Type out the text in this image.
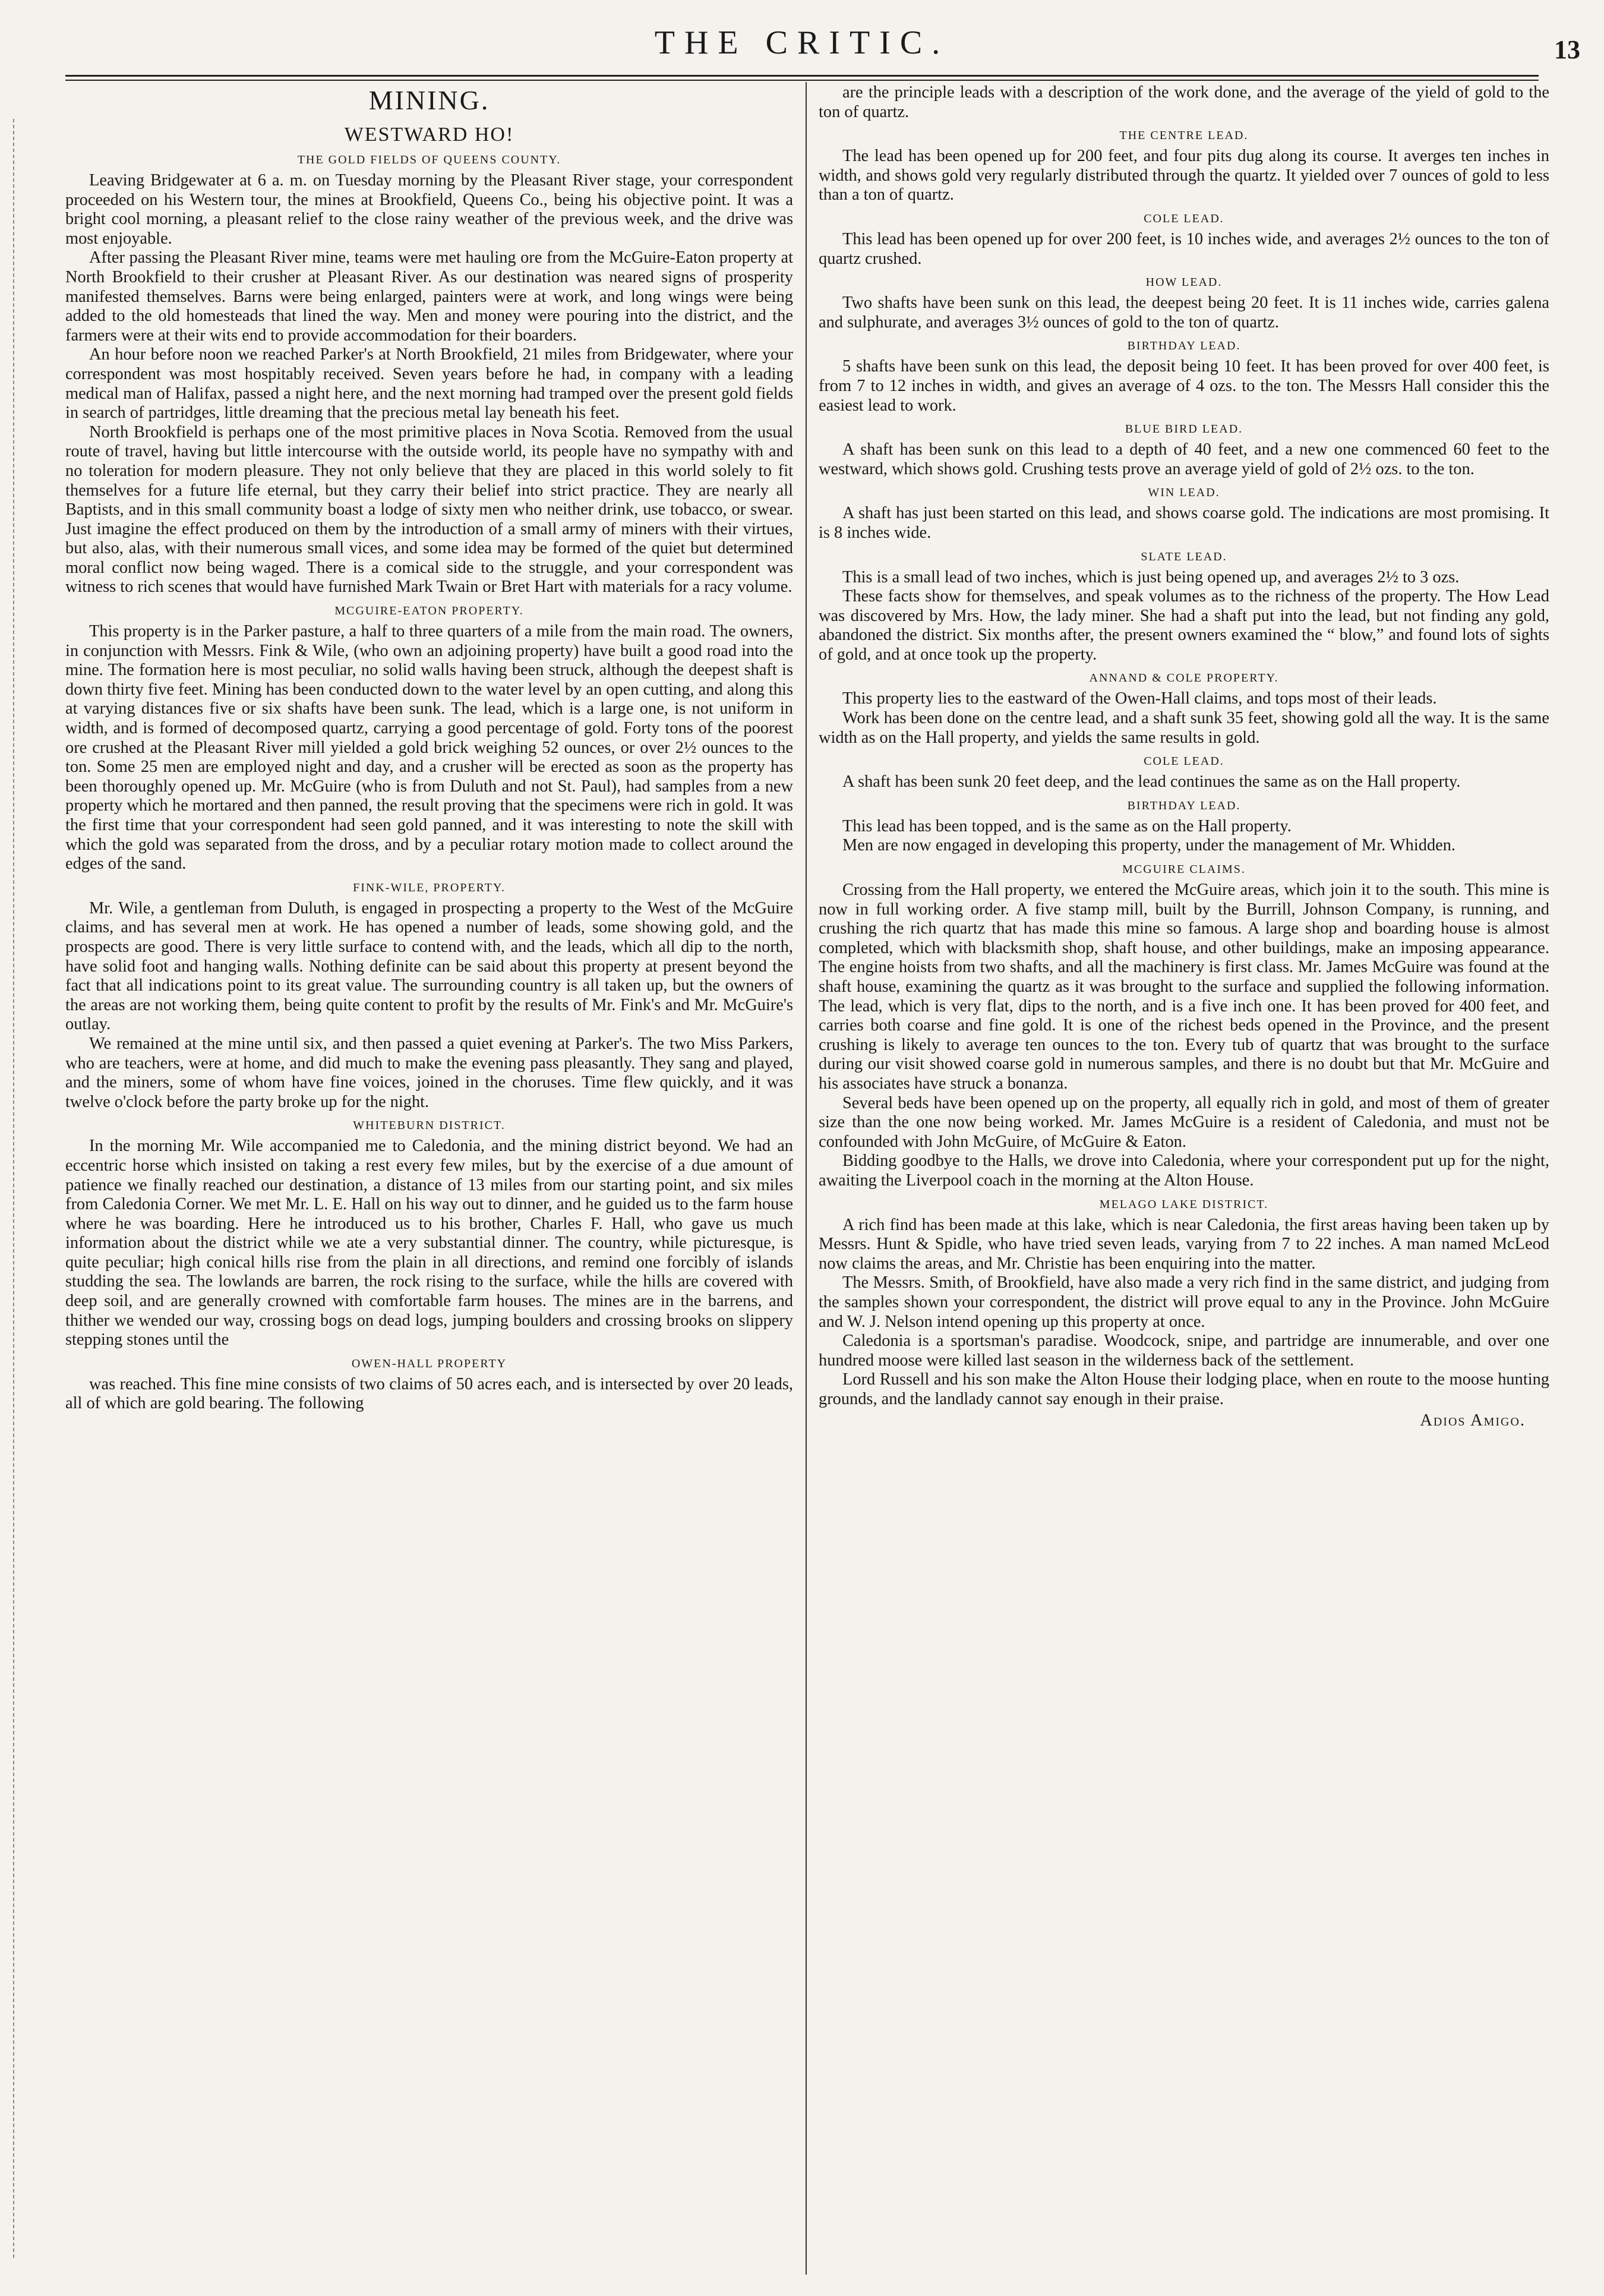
THE CRITIC.	13
MINING.
WESTWARD HO!
THE GOLD FIELDS OF QUEENS COUNTY.

Leaving Bridgewater at 6 a. m. on Tuesday morning by the Pleasant River stage, your correspondent proceeded on his Western tour, the mines at Brookfield, Queens Co., being his objective point. It was a bright cool morning, a pleasant relief to the close rainy weather of the previous week, and the drive was most enjoyable.

After passing the Pleasant River mine, teams were met hauling ore from the McGuire-Eaton property at North Brookfield to their crusher at Pleasant River. As our destination was neared signs of prosperity manifested themselves. Barns were being enlarged, painters were at work, and long wings were being added to the old homesteads that lined the way. Men and money were pouring into the district, and the farmers were at their wits end to provide accommodation for their boarders.

An hour before noon we reached Parker's at North Brookfield, 21 miles from Bridgewater, where your correspondent was most hospitably received. Seven years before he had, in company with a leading medical man of Halifax, passed a night here, and the next morning had tramped over the present gold fields in search of partridges, little dreaming that the precious metal lay beneath his feet.

North Brookfield is perhaps one of the most primitive places in Nova Scotia. Removed from the usual route of travel, having but little intercourse with the outside world, its people have no sympathy with and no toleration for modern pleasure. They not only believe that they are placed in this world solely to fit themselves for a future life eternal, but they carry their belief into strict practice. They are nearly all Baptists, and in this small community boast a lodge of sixty men who neither drink, use tobacco, or swear. Just imagine the effect produced on them by the introduction of a small army of miners with their virtues, but also, alas, with their numerous small vices, and some idea may be formed of the quiet but determined moral conflict now being waged. There is a comical side to the struggle, and your correspondent was witness to rich scenes that would have furnished Mark Twain or Bret Hart with materials for a racy volume.

MCGUIRE-EATON PROPERTY.

This property is in the Parker pasture, a half to three quarters of a mile from the main road. The owners, in conjunction with Messrs. Fink & Wile, (who own an adjoining property) have built a good road into the mine. The formation here is most peculiar, no solid walls having been struck, although the deepest shaft is down thirty five feet. Mining has been conducted down to the water level by an open cutting, and along this at varying distances five or six shafts have been sunk. The lead, which is a large one, is not uniform in width, and is formed of decomposed quartz, carrying a good percentage of gold. Forty tons of the poorest ore crushed at the Pleasant River mill yielded a gold brick weighing 52 ounces, or over 2½ ounces to the ton. Some 25 men are employed night and day, and a crusher will be erected as soon as the property has been thoroughly opened up. Mr. McGuire (who is from Duluth and not St. Paul), had samples from a new property which he mortared and then panned, the result proving that the specimens were rich in gold. It was the first time that your correspondent had seen gold panned, and it was interesting to note the skill with which the gold was separated from the dross, and by a peculiar rotary motion made to collect around the edges of the sand.

FINK-WILE, PROPERTY.

Mr. Wile, a gentleman from Duluth, is engaged in prospecting a property to the West of the McGuire claims, and has several men at work. He has opened a number of leads, some showing gold, and the prospects are good. There is very little surface to contend with, and the leads, which all dip to the north, have solid foot and hanging walls. Nothing definite can be said about this property at present beyond the fact that all indications point to its great value. The surrounding country is all taken up, but the owners of the areas are not working them, being quite content to profit by the results of Mr. Fink's and Mr. McGuire's outlay.

We remained at the mine until six, and then passed a quiet evening at Parker's. The two Miss Parkers, who are teachers, were at home, and did much to make the evening pass pleasantly. They sang and played, and the miners, some of whom have fine voices, joined in the choruses. Time flew quickly, and it was twelve o'clock before the party broke up for the night.

WHITEBURN DISTRICT.

In the morning Mr. Wile accompanied me to Caledonia, and the mining district beyond. We had an eccentric horse which insisted on taking a rest every few miles, but by the exercise of a due amount of patience we finally reached our destination, a distance of 13 miles from our starting point, and six miles from Caledonia Corner. We met Mr. L. E. Hall on his way out to dinner, and he guided us to the farm house where he was boarding. Here he introduced us to his brother, Charles F. Hall, who gave us much information about the district while we ate a very substantial dinner. The country, while picturesque, is quite peculiar; high conical hills rise from the plain in all directions, and remind one forcibly of islands studding the sea. The lowlands are barren, the rock rising to the surface, while the hills are covered with deep soil, and are generally crowned with comfortable farm houses. The mines are in the barrens, and thither we wended our way, crossing bogs on dead logs, jumping boulders and crossing brooks on slippery stepping stones until the

OWEN-HALL PROPERTY

was reached. This fine mine consists of two claims of 50 acres each, and is intersected by over 20 leads, all of which are gold bearing. The following

are the principle leads with a description of the work done, and the average of the yield of gold to the ton of quartz.

THE CENTRE LEAD.

The lead has been opened up for 200 feet, and four pits dug along its course. It averges ten inches in width, and shows gold very regularly distributed through the quartz. It yielded over 7 ounces of gold to less than a ton of quartz.

COLE LEAD.

This lead has been opened up for over 200 feet, is 10 inches wide, and averages 2½ ounces to the ton of quartz crushed.

HOW LEAD.

Two shafts have been sunk on this lead, the deepest being 20 feet. It is 11 inches wide, carries galena and sulphurate, and averages 3½ ounces of gold to the ton of quartz.

BIRTHDAY LEAD.

5 shafts have been sunk on this lead, the deposit being 10 feet. It has been proved for over 400 feet, is from 7 to 12 inches in width, and gives an average of 4 ozs. to the ton. The Messrs Hall consider this the easiest lead to work.

BLUE BIRD LEAD.

A shaft has been sunk on this lead to a depth of 40 feet, and a new one commenced 60 feet to the westward, which shows gold. Crushing tests prove an average yield of gold of 2½ ozs. to the ton.

WIN LEAD.

A shaft has just been started on this lead, and shows coarse gold. The indications are most promising. It is 8 inches wide.

SLATE LEAD.

This is a small lead of two inches, which is just being opened up, and averages 2½ to 3 ozs.

These facts show for themselves, and speak volumes as to the richness of the property. The How Lead was discovered by Mrs. How, the lady miner. She had a shaft put into the lead, but not finding any gold, abandoned the district. Six months after, the present owners examined the “ blow,” and found lots of sights of gold, and at once took up the property.

ANNAND & COLE PROPERTY.

This property lies to the eastward of the Owen-Hall claims, and tops most of their leads.

Work has been done on the centre lead, and a shaft sunk 35 feet, showing gold all the way. It is the same width as on the Hall property, and yields the same results in gold.

COLE LEAD.

A shaft has been sunk 20 feet deep, and the lead continues the same as on the Hall property.

BIRTHDAY LEAD.

This lead has been topped, and is the same as on the Hall property.

Men are now engaged in developing this property, under the management of Mr. Whidden.

MCGUIRE CLAIMS.

Crossing from the Hall property, we entered the McGuire areas, which join it to the south. This mine is now in full working order. A five stamp mill, built by the Burrill, Johnson Company, is running, and crushing the rich quartz that has made this mine so famous. A large shop and boarding house is almost completed, which with blacksmith shop, shaft house, and other buildings, make an imposing appearance. The engine hoists from two shafts, and all the machinery is first class. Mr. James McGuire was found at the shaft house, examining the quartz as it was brought to the surface and supplied the following information. The lead, which is very flat, dips to the north, and is a five inch one. It has been proved for 400 feet, and carries both coarse and fine gold. It is one of the richest beds opened in the Province, and the present crushing is likely to average ten ounces to the ton. Every tub of quartz that was brought to the surface during our visit showed coarse gold in numerous samples, and there is no doubt but that Mr. McGuire and his associates have struck a bonanza.

Several beds have been opened up on the property, all equally rich in gold, and most of them of greater size than the one now being worked. Mr. James McGuire is a resident of Caledonia, and must not be confounded with John McGuire, of McGuire & Eaton.

Bidding goodbye to the Halls, we drove into Caledonia, where your correspondent put up for the night, awaiting the Liverpool coach in the morning at the Alton House.

MELAGO LAKE DISTRICT.

A rich find has been made at this lake, which is near Caledonia, the first areas having been taken up by Messrs. Hunt & Spidle, who have tried seven leads, varying from 7 to 22 inches. A man named McLeod now claims the areas, and Mr. Christie has been enquiring into the matter.

The Messrs. Smith, of Brookfield, have also made a very rich find in the same district, and judging from the samples shown your correspondent, the district will prove equal to any in the Province. John McGuire and W. J. Nelson intend opening up this property at once.

Caledonia is a sportsman's paradise. Woodcock, snipe, and partridge are innumerable, and over one hundred moose were killed last season in the wilderness back of the settlement.

Lord Russell and his son make the Alton House their lodging place, when en route to the moose hunting grounds, and the landlady cannot say enough in their praise.

Adios Amigo.
